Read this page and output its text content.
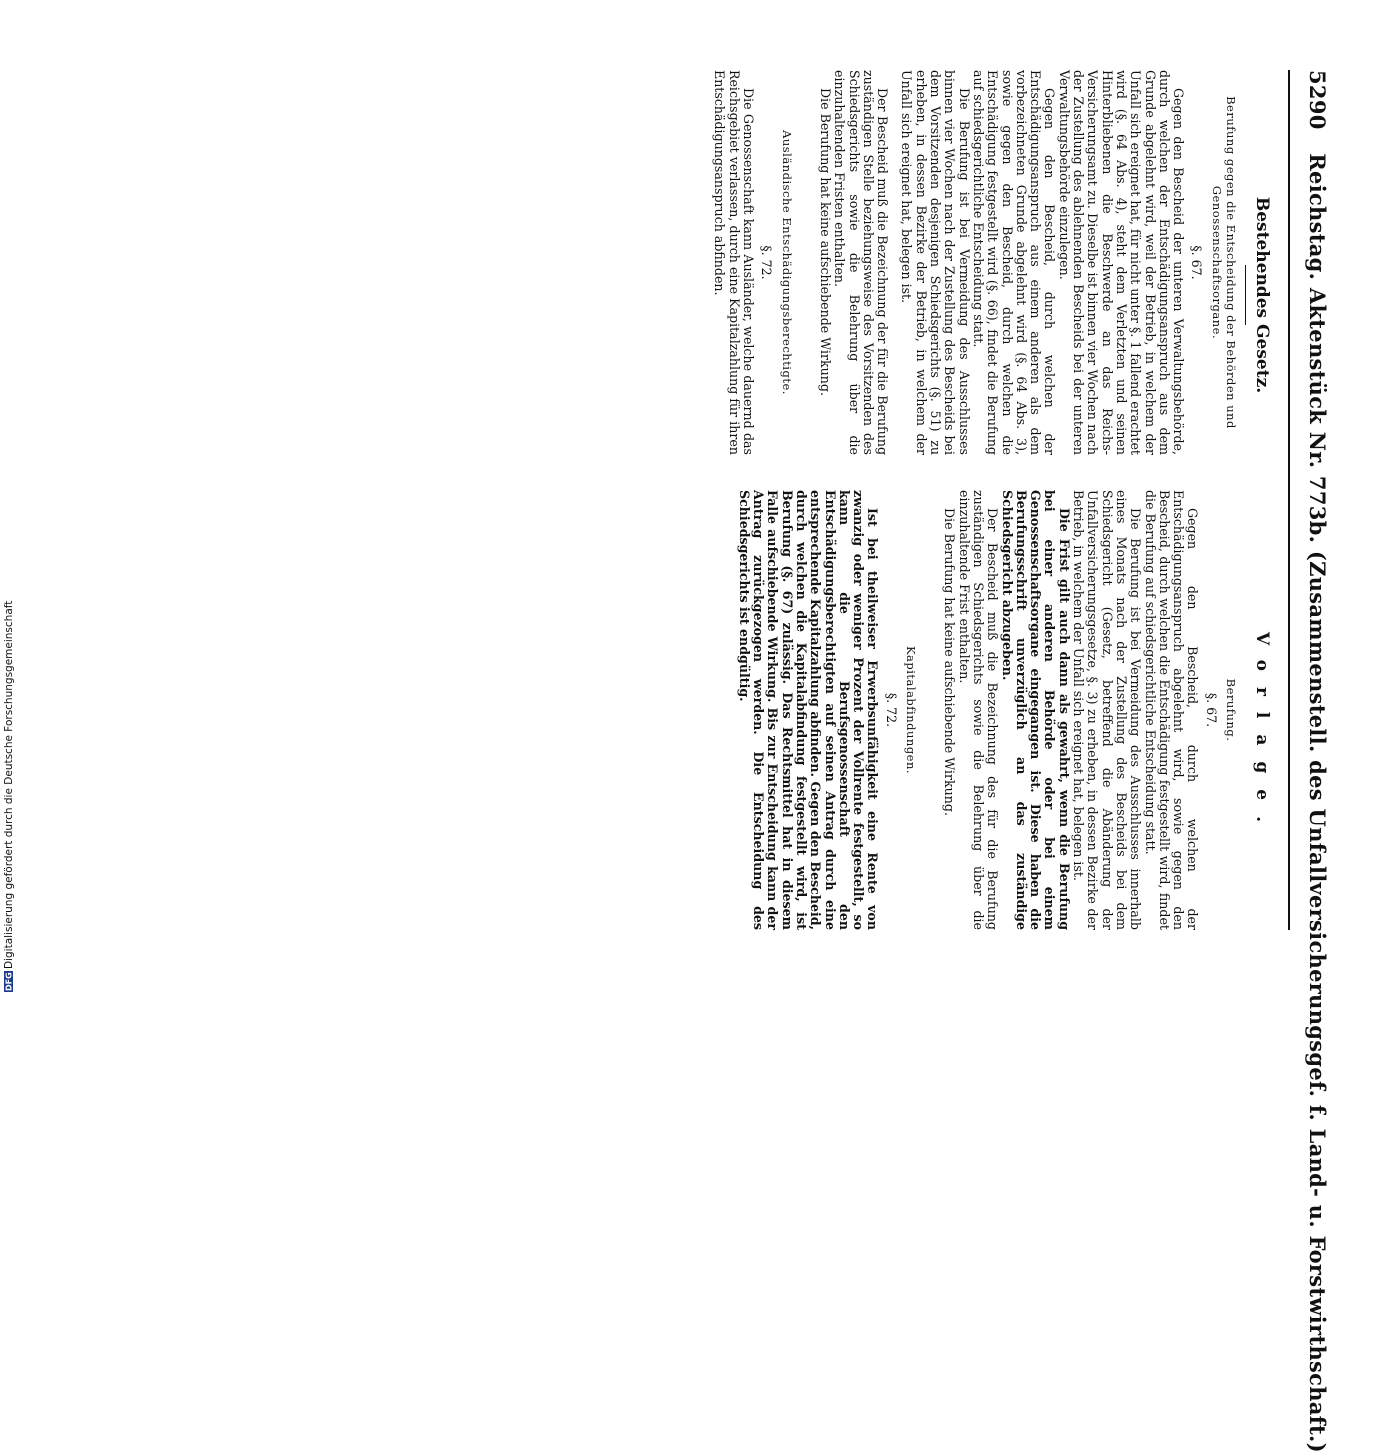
DFG
Digitalisierung gefördert durch die Deutsche Forschungsgemeinschaft
5290 Reichstag. Aktenstück Nr. 773b. (Zusammenstell. des Unfallversicherungsgef. f. Land- u. Forstwirthschaft.)
Bestehendes Gesetz.
Vorlage.
Berufung gegen die Entscheidung der Behörden und Genossenschaftsorgane.
§. 67.

Gegen den Bescheid der unteren Verwaltungsbehörde, durch welchen der Entschädigungsanspruch aus dem Grunde abgelehnt wird, weil der Betrieb, in welchem der Unfall sich ereignet hat, für nicht unter §. 1 fallend erachtet wird (§. 64 Abs. 4), steht dem Verletzten und seinen Hinterbliebenen die Beschwerde an das Reichs-Versicherungsamt zu. Dieselbe ist binnen vier Wochen nach der Zustellung des ablehnenden Bescheids bei der unteren Verwaltungsbehörde einzulegen.

Gegen den Bescheid, durch welchen der Entschädigungsanspruch aus einem anderen als dem vorbezeichneten Grunde abgelehnt wird (§. 64 Abs. 3), sowie gegen den Bescheid, durch welchen die Entschädigung festgestellt wird (§. 66), findet die Berufung auf schiedsgerichtliche Entscheidung statt.

Die Berufung ist bei Vermeidung des Ausschlusses binnen vier Wochen nach der Zustellung des Bescheids bei dem Vorsitzenden desjenigen Schiedsgerichts (§. 51) zu erheben, in dessen Bezirke der Betrieb, in welchem der Unfall sich ereignet hat, belegen ist.

Der Bescheid muß die Bezeichnung der für die Berufung zuständigen Stelle beziehungsweise des Vorsitzenden des Schiedsgerichts sowie die Belehrung über die einzuhaltenden Fristen enthalten.

Die Berufung hat keine aufschiebende Wirkung.

Ausländische Entschädigungsberechtigte.
§. 72.

Die Genossenschaft kann Ausländer, welche dauernd das Reichsgebiet verlassen, durch eine Kapitalzahlung für ihren Entschädigungsanspruch abfinden.

Berufung.
§. 67.

Gegen den Bescheid, durch welchen der Entschädigungsanspruch abgelehnt wird, sowie gegen den Bescheid, durch welchen die Entschädigung festgestellt wird, findet die Berufung auf schiedsgerichtliche Entscheidung statt.

Die Berufung ist bei Vermeidung des Ausschlusses innerhalb eines Monats nach der Zustellung des Bescheids bei dem Schiedsgericht (Gesetz, betreffend die Abänderung der Unfallversicherungsgesetze, §. 3) zu erheben, in dessen Bezirke der Betrieb, in welchem der Unfall sich ereignet hat, belegen ist.

Die Frist gilt auch dann als gewahrt, wenn die Berufung bei einer anderen Behörde oder bei einem Genossenschaftsorgane eingegangen ist. Diese haben die Berufungsschrift unverzüglich an das zuständige Schiedsgericht abzugeben.

Der Bescheid muß die Bezeichnung des für die Berufung zuständigen Schiedsgerichts sowie die Belehrung über die einzuhaltende Frist enthalten.

Die Berufung hat keine aufschiebende Wirkung.

Kapitalabfindungen.
§. 72.

Ist bei theilweiser Erwerbsunfähigkeit eine Rente von zwanzig oder weniger Prozent der Vollrente festgestellt, so kann die Berufsgenossenschaft den Entschädigungsberechtigten auf seinen Antrag durch eine entsprechende Kapitalzahlung abfinden. Gegen den Bescheid, durch welchen die Kapitalabfindung festgestellt wird, ist Berufung (§. 67) zulässig. Das Rechtsmittel hat in diesem Falle aufschiebende Wirkung. Bis zur Entscheidung kann der Antrag zurückgezogen werden. Die Entscheidung des Schiedsgerichts ist endgültig.
